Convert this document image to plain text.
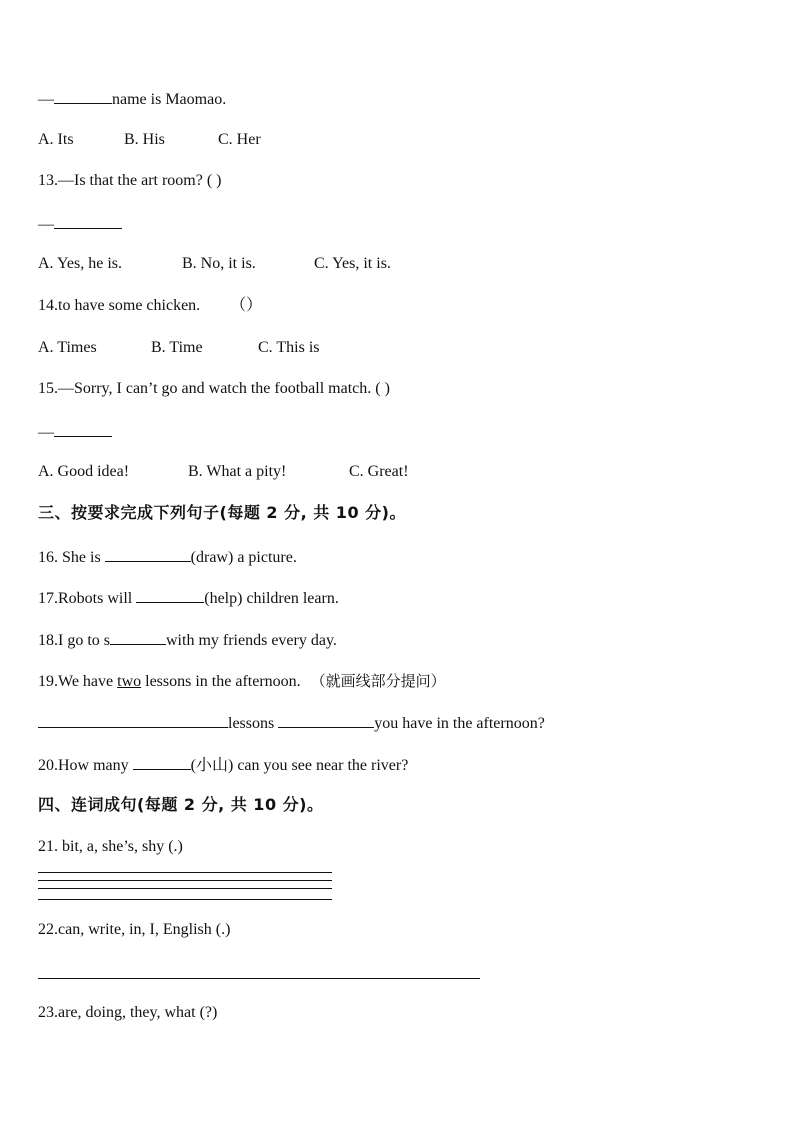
—	name is Maomao.
A. Its	B. His	C. Her
13.—Is that the art room? ( )
—
A. Yes, he is.	B. No, it is.	C. Yes, it is.
14.to have some chicken. （）
A. Times	B. Time	C. This is
15.—Sorry, I can’t go and watch the football match. ( )
—
A. Good idea!	B. What a pity!	C. Great!
三、按要求完成下列句子(每题 2 分, 共 10 分)。
16. She is	(draw) a picture.
17.Robots will	(help) children learn.
18.I go to s	with my friends every day.
19.We have two lessons in the afternoon. （就画线部分提问）
lessons	you have in the afternoon?
20.How many	(小山) can you see near the river?
四、连词成句(每题 2 分, 共 10 分)。
21. bit, a, she’s, shy (.)
22.can, write, in, I, English (.)
23.are, doing, they, what (?)
